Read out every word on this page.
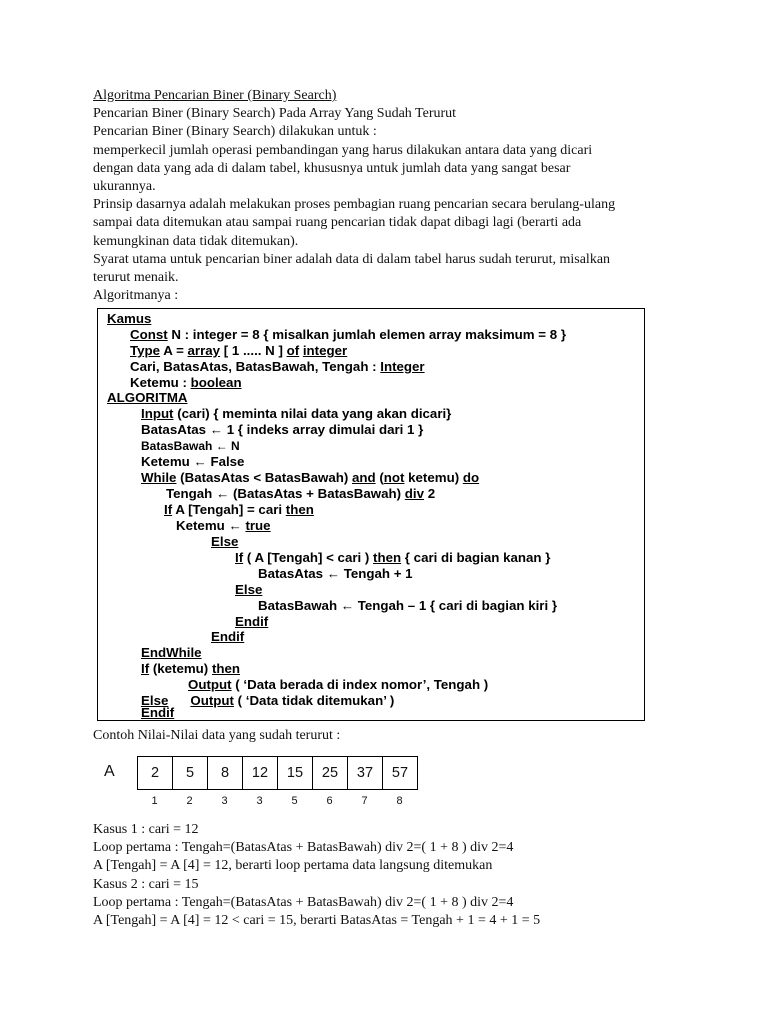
Algoritma Pencarian Biner (Binary Search)
Pencarian Biner (Binary Search) Pada Array Yang Sudah Terurut
Pencarian Biner (Binary Search) dilakukan untuk :
memperkecil jumlah operasi pembandingan yang harus dilakukan antara data yang dicari
dengan data yang ada di dalam tabel, khususnya untuk jumlah data yang sangat besar
ukurannya.
Prinsip dasarnya adalah melakukan proses pembagian ruang pencarian secara berulang-ulang
sampai data ditemukan atau sampai ruang pencarian tidak dapat dibagi lagi (berarti ada
kemungkinan data tidak ditemukan).
Syarat utama untuk pencarian biner adalah data di dalam tabel harus sudah terurut, misalkan
terurut menaik.
Algoritmanya :
Kamus
Const N : integer = 8 { misalkan jumlah elemen array maksimum = 8 }
Type A = array [ 1 ..... N ] of integer
Cari, BatasAtas, BatasBawah, Tengah : Integer
Ketemu : boolean
ALGORITMA
Input (cari) { meminta nilai data yang akan dicari}
BatasAtas ← 1 { indeks array dimulai dari 1 }
BatasBawah ← N
Ketemu ← False
While (BatasAtas < BatasBawah) and (not ketemu) do
Tengah ← (BatasAtas + BatasBawah) div 2
If A [Tengah] = cari then
Ketemu ← true
Else
If ( A [Tengah] < cari ) then { cari di bagian kanan }
BatasAtas ← Tengah + 1
Else
BatasBawah ← Tengah – 1 { cari di bagian kiri }
Endif
Endif
EndWhile
If (ketemu) then
Output ( ‘Data berada di index nomor’, Tengah )
Else Output ( ‘Data tidak ditemukan’ )
Endif
Contoh Nilai-Nilai data yang sudah terurut :
A	2	5	8	12	15	25	37	57
1	2	3	3	5	6	7	8
Kasus 1 : cari = 12
Loop pertama : Tengah=(BatasAtas + BatasBawah) div 2=( 1 + 8 ) div 2=4
A [Tengah] = A [4] = 12, berarti loop pertama data langsung ditemukan
Kasus 2 : cari = 15
Loop pertama : Tengah=(BatasAtas + BatasBawah) div 2=( 1 + 8 ) div 2=4
A [Tengah] = A [4] = 12 < cari = 15, berarti BatasAtas = Tengah + 1 = 4 + 1 = 5
